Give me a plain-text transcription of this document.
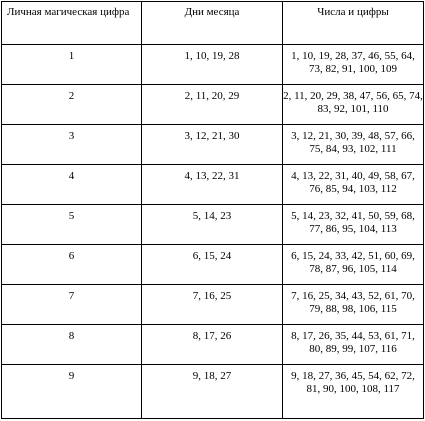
Личная магическая цифра	Дни месяца	Числа и цифры
1	1, 10, 19, 28	1, 10, 19, 28, 37, 46, 55, 64, 73, 82, 91, 100, 109
2	2, 11, 20, 29	2, 11, 20, 29, 38, 47, 56, 65, 74, 83, 92, 101, 110
3	3, 12, 21, 30	3, 12, 21, 30, 39, 48, 57, 66, 75, 84, 93, 102, 111
4	4, 13, 22, 31	4, 13, 22, 31, 40, 49, 58, 67, 76, 85, 94, 103, 112
5	5, 14, 23	5, 14, 23, 32, 41, 50, 59, 68, 77, 86, 95, 104, 113
6	6, 15, 24	6, 15, 24, 33, 42, 51, 60, 69, 78, 87, 96, 105, 114
7	7, 16, 25	7, 16, 25, 34, 43, 52, 61, 70, 79, 88, 98, 106, 115
8	8, 17, 26	8, 17, 26, 35, 44, 53, 61, 71, 80, 89, 99, 107, 116
9	9, 18, 27	9, 18, 27, 36, 45, 54, 62, 72, 81, 90, 100, 108, 117
